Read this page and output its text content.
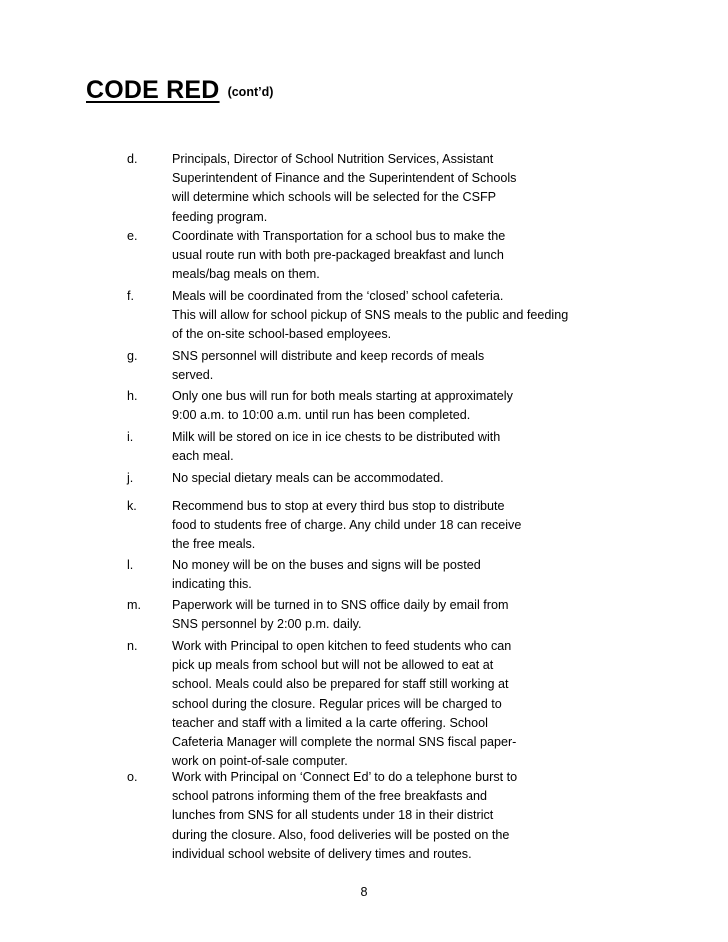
CODE RED (cont’d)
d.	Principals, Director of School Nutrition Services, Assistant
Superintendent of Finance and the Superintendent of Schools
will determine which schools will be selected for the CSFP
feeding program.
e.	Coordinate with Transportation for a school bus to make the
usual route run with both pre-packaged breakfast and lunch
meals/bag meals on them.
f.	Meals will be coordinated from the ‘closed’ school cafeteria.
This will allow for school pickup of SNS meals to the public and feeding
of the on-site school-based employees.
g.	SNS personnel will distribute and keep records of meals
served.
h.	Only one bus will run for both meals starting at approximately
9:00 a.m. to 10:00 a.m. until run has been completed.
i.	Milk will be stored on ice in ice chests to be distributed with
each meal.
j.	No special dietary meals can be accommodated.
k.	Recommend bus to stop at every third bus stop to distribute
food to students free of charge. Any child under 18 can receive
the free meals.
l.	No money will be on the buses and signs will be posted
indicating this.
m. Paperwork will be turned in to SNS office daily by email from
SNS personnel by 2:00 p.m. daily.
n.	Work with Principal to open kitchen to feed students who can
pick up meals from school but will not be allowed to eat at
school. Meals could also be prepared for staff still working at
school during the closure. Regular prices will be charged to
teacher and staff with a limited a la carte offering. School
Cafeteria Manager will complete the normal SNS fiscal paper-
work on point-of-sale computer.
o.	Work with Principal on ‘Connect Ed’ to do a telephone burst to
school patrons informing them of the free breakfasts and
lunches from SNS for all students under 18 in their district
during the closure. Also, food deliveries will be posted on the
individual school website of delivery times and routes.
8
